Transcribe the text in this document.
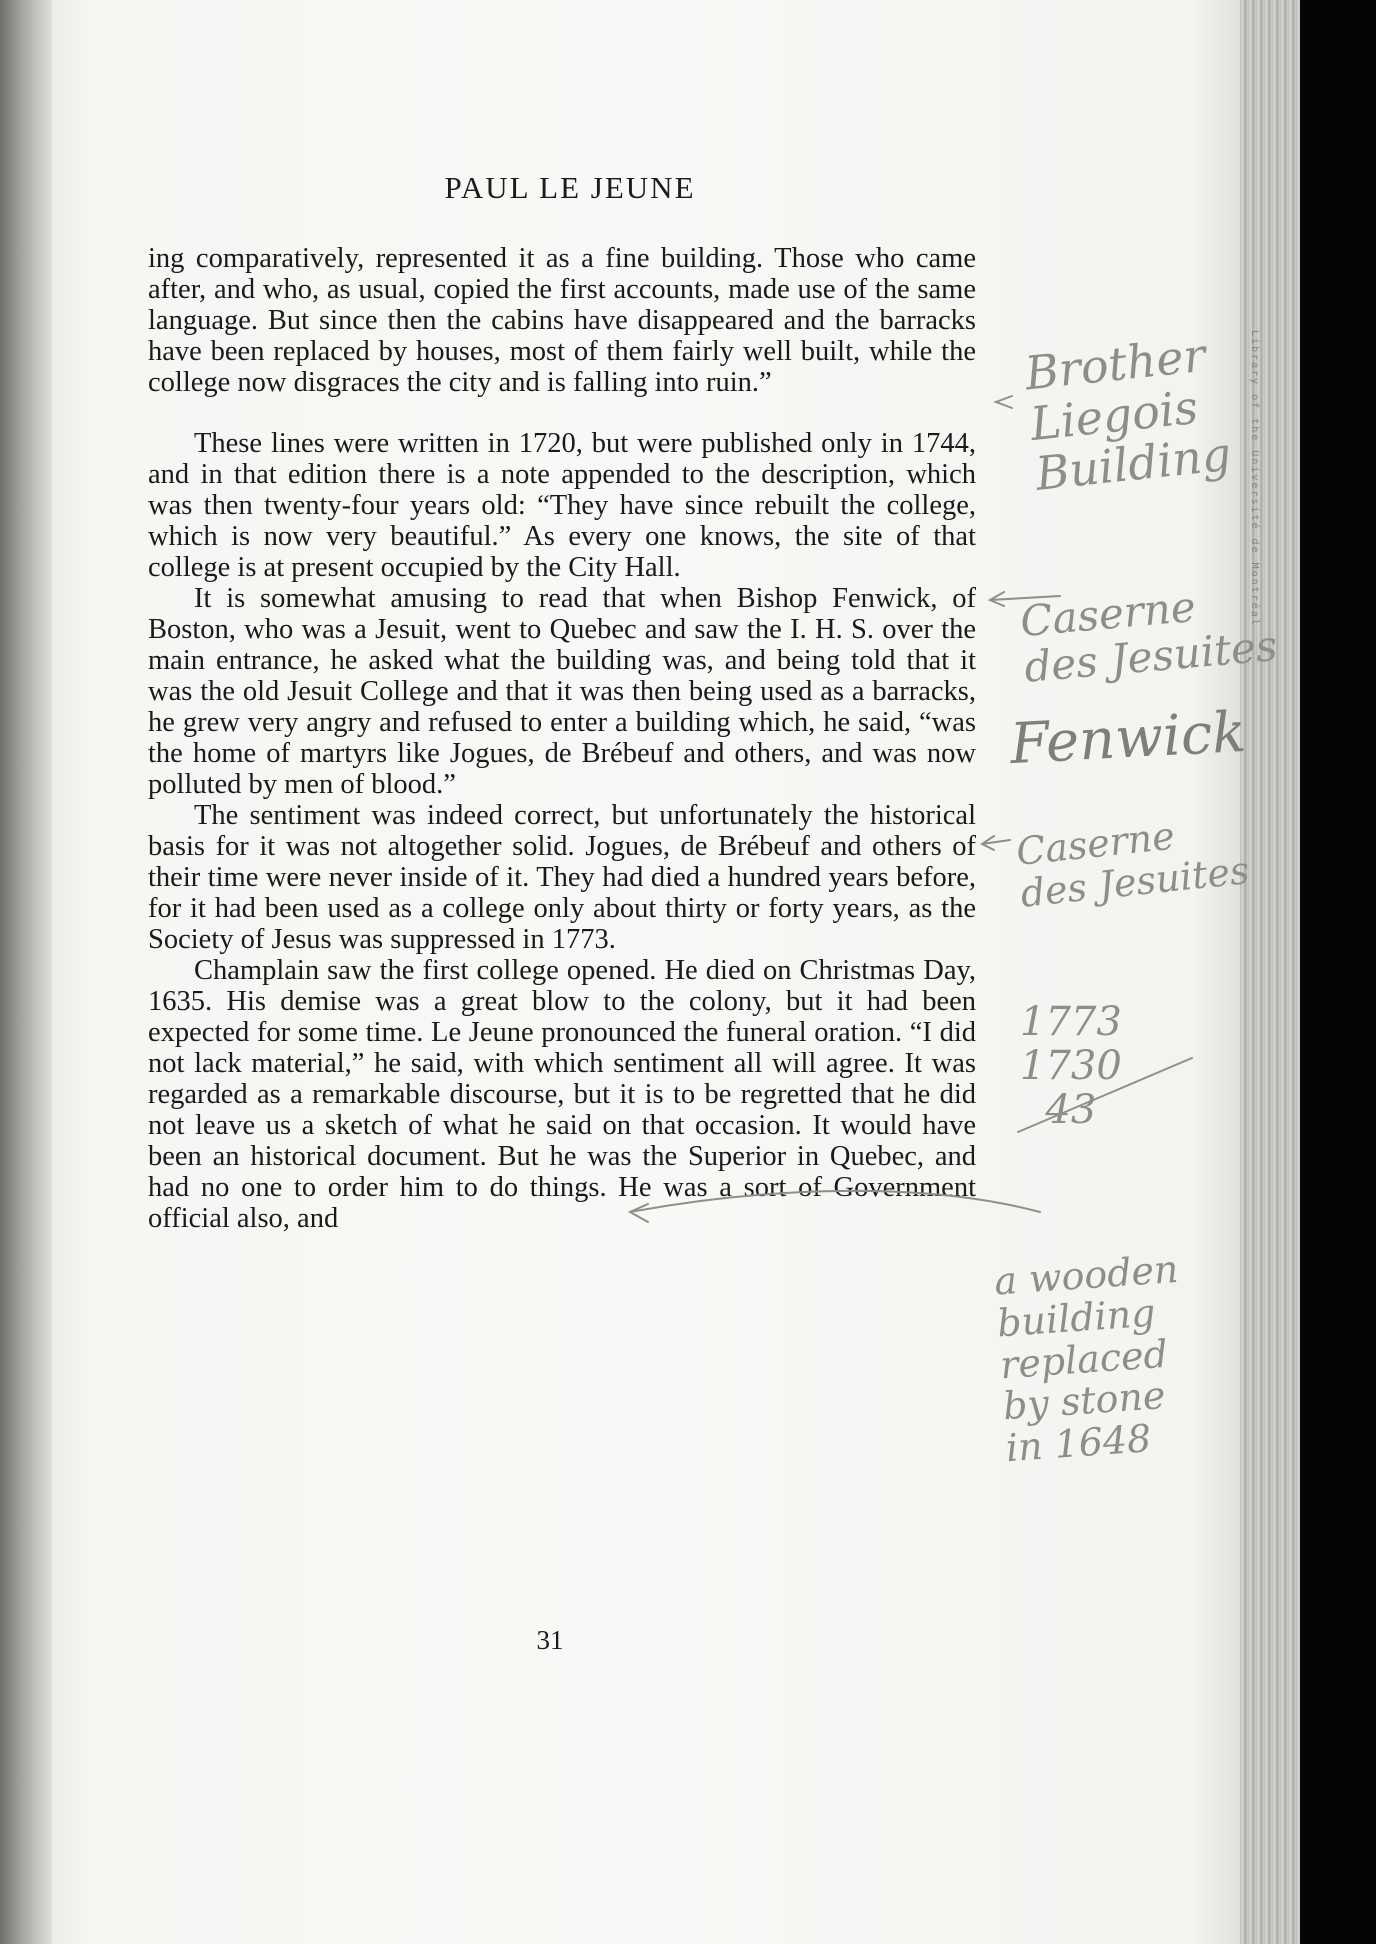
Library of the Université de Montréal
PAUL LE JEUNE

ing comparatively, represented it as a fine building. Those who came after, and who, as usual, copied the first accounts, made use of the same language. But since then the cabins have disappeared and the barracks have been replaced by houses, most of them fairly well built, while the college now disgraces the city and is falling into ruin.”

These lines were written in 1720, but were published only in 1744, and in that edition there is a note appended to the description, which was then twenty-four years old: “They have since rebuilt the college, which is now very beautiful.” As every one knows, the site of that college is at present occupied by the City Hall.

It is somewhat amusing to read that when Bishop Fenwick, of Boston, who was a Jesuit, went to Quebec and saw the I. H. S. over the main entrance, he asked what the building was, and being told that it was the old Jesuit College and that it was then being used as a barracks, he grew very angry and refused to enter a building which, he said, “was the home of martyrs like Jogues, de Brébeuf and others, and was now polluted by men of blood.”

The sentiment was indeed correct, but unfortunately the historical basis for it was not altogether solid. Jogues, de Brébeuf and others of their time were never inside of it. They had died a hundred years before, for it had been used as a college only about thirty or forty years, as the Society of Jesus was suppressed in 1773.

Champlain saw the first college opened. He died on Christmas Day, 1635. His demise was a great blow to the colony, but it had been expected for some time. Le Jeune pronounced the funeral oration. “I did not lack material,” he said, with which sentiment all will agree. It was regarded as a remarkable discourse, but it is to be regretted that he did not leave us a sketch of what he said on that occasion. It would have been an historical document. But he was the Superior in Quebec, and had no one to order him to do things. He was a sort of Government official also, and

31
Brother
Liegois
Building
Caserne
des Jesuites
Fenwick
Caserne
des Jesuites
1773
1730
43
a wooden
building
replaced
by stone
in 1648
